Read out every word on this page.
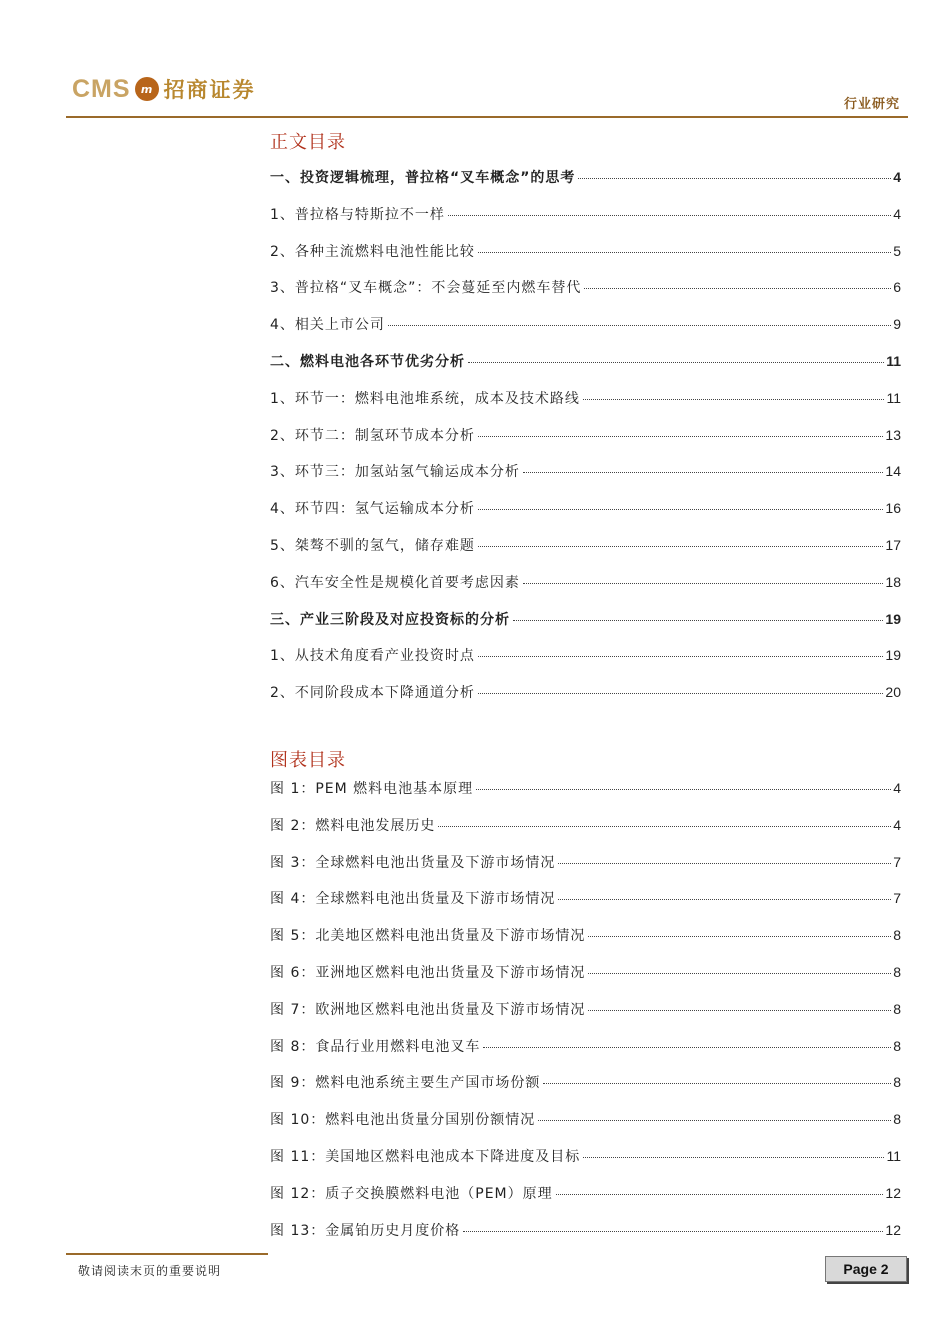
CMS m 招商证券
行业研究
正文目录
一、投资逻辑梳理，普拉格“叉车概念”的思考	4
1、普拉格与特斯拉不一样	4
2、各种主流燃料电池性能比较	5
3、普拉格“叉车概念”：不会蔓延至内燃车替代	6
4、相关上市公司	9
二、燃料电池各环节优劣分析	11
1、环节一：燃料电池堆系统，成本及技术路线	11
2、环节二：制氢环节成本分析	13
3、环节三：加氢站氢气输运成本分析	14
4、环节四：氢气运输成本分析	16
5、桀骜不驯的氢气，储存难题	17
6、汽车安全性是规模化首要考虑因素	18
三、产业三阶段及对应投资标的分析	19
1、从技术角度看产业投资时点	19
2、不同阶段成本下降通道分析	20
图表目录
图 1：PEM 燃料电池基本原理	4
图 2：燃料电池发展历史	4
图 3：全球燃料电池出货量及下游市场情况	7
图 4：全球燃料电池出货量及下游市场情况	7
图 5：北美地区燃料电池出货量及下游市场情况	8
图 6：亚洲地区燃料电池出货量及下游市场情况	8
图 7：欧洲地区燃料电池出货量及下游市场情况	8
图 8：食品行业用燃料电池叉车	8
图 9：燃料电池系统主要生产国市场份额	8
图 10：燃料电池出货量分国别份额情况	8
图 11：美国地区燃料电池成本下降进度及目标	11
图 12：质子交换膜燃料电池（PEM）原理	12
图 13：金属铂历史月度价格	12
敬请阅读末页的重要说明	Page 2
